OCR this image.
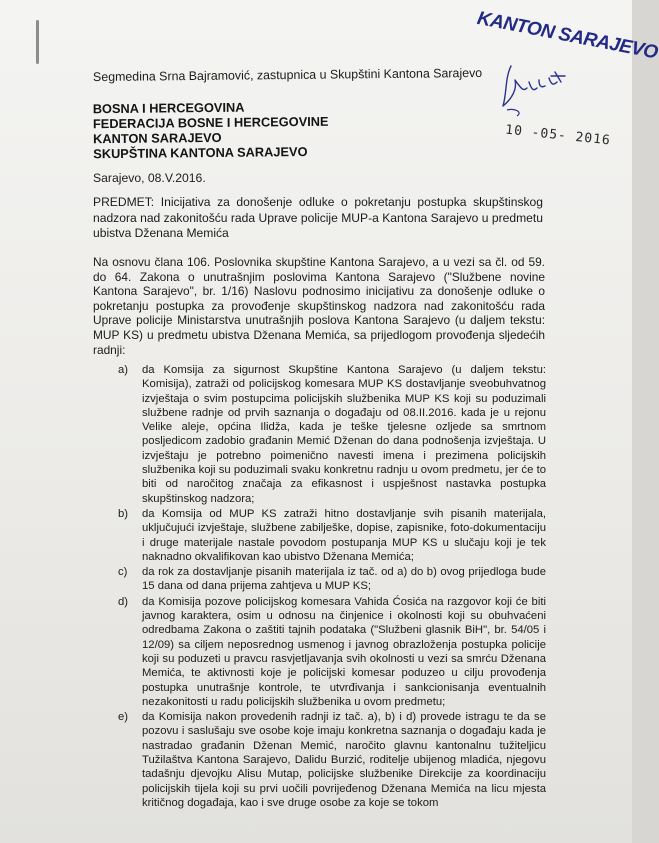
KANTON SARAJEVO
10 -05- 2016
Segmedina Srna Bajramović, zastupnica u Skupštini Kantona Sarajevo
BOSNA I HERCEGOVINA
FEDERACIJA BOSNE I HERCEGOVINE
KANTON SARAJEVO
SKUPŠTINA KANTONA SARAJEVO
Sarajevo, 08.V.2016.
PREDMET: Inicijativa za donošenje odluke o pokretanju postupka skupštinskog nadzora nad zakonitošću rada Uprave policije MUP-a Kantona Sarajevo u predmetu ubistva Dženana Memića
Na osnovu člana 106. Poslovnika skupštine Kantona Sarajevo, a u vezi sa čl. od 59. do 64. Zakona o unutrašnjim poslovima Kantona Sarajevo ("Službene novine Kantona Sarajevo", br. 1/16) Naslovu podnosimo inicijativu za donošenje odluke o pokretanju postupka za provođenje skupštinskog nadzora nad zakonitošću rada Uprave policije Ministarstva unutrašnjih poslova Kantona Sarajevo (u daljem tekstu: MUP KS) u predmetu ubistva Dženana Memića, sa prijedlogom provođenja sljedećih radnji:
a) da Komsija za sigurnost Skupštine Kantona Sarajevo (u daljem tekstu: Komisija), zatraži od policijskog komesara MUP KS dostavljanje sveobuhvatnog izvještaja o svim postupcima policijskih službenika MUP KS koji su poduzimali službene radnje od prvih saznanja o događaju od 08.II.2016. kada je u rejonu Velike aleje, općina Ilidža, kada je teške tjelesne ozljede sa smrtnom posljedicom zadobio građanin Memić Dženan do dana podnošenja izvještaja. U izvještaju je potrebno poimenično navesti imena i prezimena policijskih službenika koji su poduzimali svaku konkretnu radnju u ovom predmetu, jer će to biti od naročitog značaja za efikasnost i uspješnost nastavka postupka skupštinskog nadzora;
b) da Komsija od MUP KS zatraži hitno dostavljanje svih pisanih materijala, uključujući izvještaje, službene zabilješke, dopise, zapisnike, foto-dokumentaciju i druge materijale nastale povodom postupanja MUP KS u slučaju koji je tek naknadno okvalifikovan kao ubistvo Dženana Memića;
c) da rok za dostavljanje pisanih materijala iz tač. od a) do b) ovog prijedloga bude 15 dana od dana prijema zahtjeva u MUP KS;
d) da Komisija pozove policijskog komesara Vahida Ćosića na razgovor koji će biti javnog karaktera, osim u odnosu na činjenice i okolnosti koji su obuhvaćeni odredbama Zakona o zaštiti tajnih podataka ("Službeni glasnik BiH", br. 54/05 i 12/09) sa ciljem neposrednog usmenog i javnog obrazloženja postupka policije koji su poduzeti u pravcu rasvjetljavanja svih okolnosti u vezi sa smrću Dženana Memića, te aktivnosti koje je policijski komesar poduzeo u cilju provođenja postupka unutrašnje kontrole, te utvrđivanja i sankcionisanja eventualnih nezakonitosti u radu policijskih službenika u ovom predmetu;
e) da Komisija nakon provedenih radnji iz tač. a), b) i d) provede istragu te da se pozovu i saslušaju sve osobe koje imaju konkretna saznanja o događaju kada je nastradao građanin Dženan Memić, naročito glavnu kantonalnu tužiteljicu Tužilaštva Kantona Sarajevo, Dalidu Burzić, roditelje ubijenog mladića, njegovu tadašnju djevojku Alisu Mutap, policijske službenike Direkcije za koordinaciju policijskih tijela koji su prvi uočili povrijeđenog Dženana Memića na licu mjesta kritičnog događaja, kao i sve druge osobe za koje se tokom
